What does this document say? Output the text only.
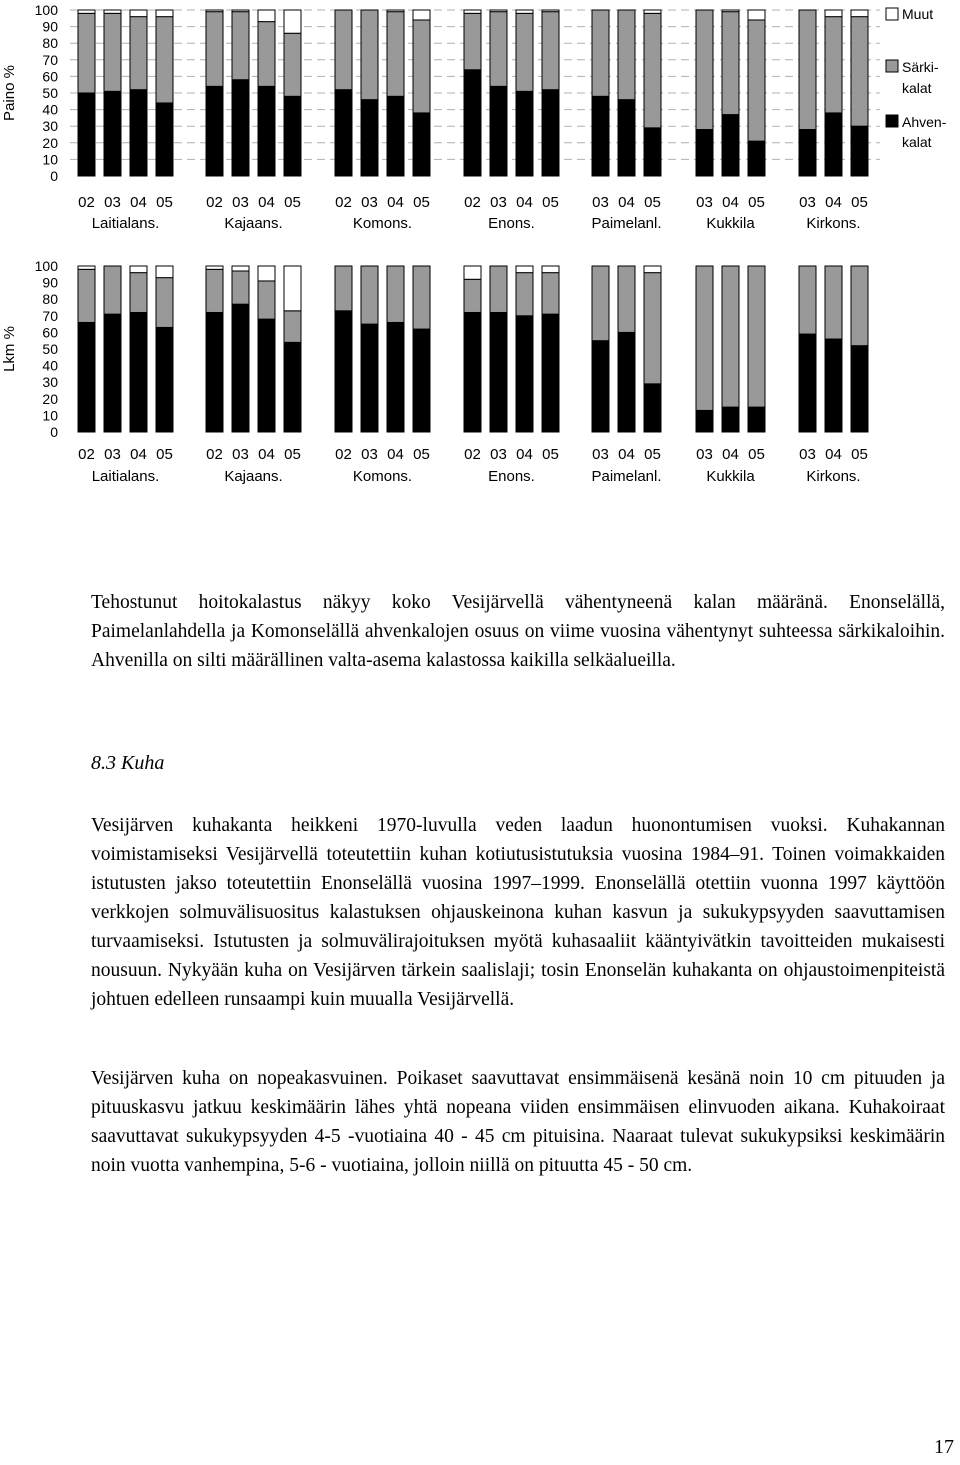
0
10
20
30
40
50
60
70
80
90
100
Paino %
02 03 04 05
Laitialans.
02 03 04 05
Kajaans.
02 03 04 05
Komons.
02 03 04 05
Enons.
03 04 05
Paimelanl.
03 04 05
Kukkila
03 04 05
Kirkons.
0
10
20
30
40
50
60
70
80
90
100
Lkm %
02 03 04 05
Laitialans.
02 03 04 05
Kajaans.
02 03 04 05
Komons.
02 03 04 05
Enons.
03 04 05
Paimelanl.
03 04 05
Kukkila
03 04 05
Kirkons.
Muut
Särki-
kalat
Ahven-
kalat
Tehostunut hoitokalastus näkyy koko Vesijärvellä vähentyneenä kalan määränä. Enonselällä, Paimelanlahdella ja Komonselällä ahvenkalojen osuus on viime vuosina vähentynyt suhteessa särkikaloihin. Ahvenilla on silti määrällinen valta-asema kalastossa kaikilla selkäalueilla.
8.3 Kuha
Vesijärven kuhakanta heikkeni 1970-luvulla veden laadun huonontumisen vuoksi. Kuhakannan voimistamiseksi Vesijärvellä toteutettiin kuhan kotiutusistutuksia vuosina 1984–91. Toinen voimakkaiden istutusten jakso toteutettiin Enonselällä vuosina 1997–1999. Enonselällä otettiin vuonna 1997 käyttöön verkkojen solmuvälisuositus kalastuksen ohjauskeinona kuhan kasvun ja sukukypsyyden saavuttamisen turvaamiseksi. Istutusten ja solmuvälirajoituksen myötä kuhasaaliit kääntyivätkin tavoitteiden mukaisesti nousuun. Nykyään kuha on Vesijärven tärkein saalislaji; tosin Enonselän kuhakanta on ohjaustoimenpiteistä johtuen edelleen runsaampi kuin muualla Vesijärvellä.
Vesijärven kuha on nopeakasvuinen. Poikaset saavuttavat ensimmäisenä kesänä noin 10 cm pituuden ja pituuskasvu jatkuu keskimäärin lähes yhtä nopeana viiden ensimmäisen elinvuoden aikana. Kuhakoiraat saavuttavat sukukypsyyden 4-5 -vuotiaina 40 - 45 cm pituisina. Naaraat tulevat sukukypsiksi keskimäärin noin vuotta vanhempina, 5-6 - vuotiaina, jolloin niillä on pituutta 45 - 50 cm.
17
